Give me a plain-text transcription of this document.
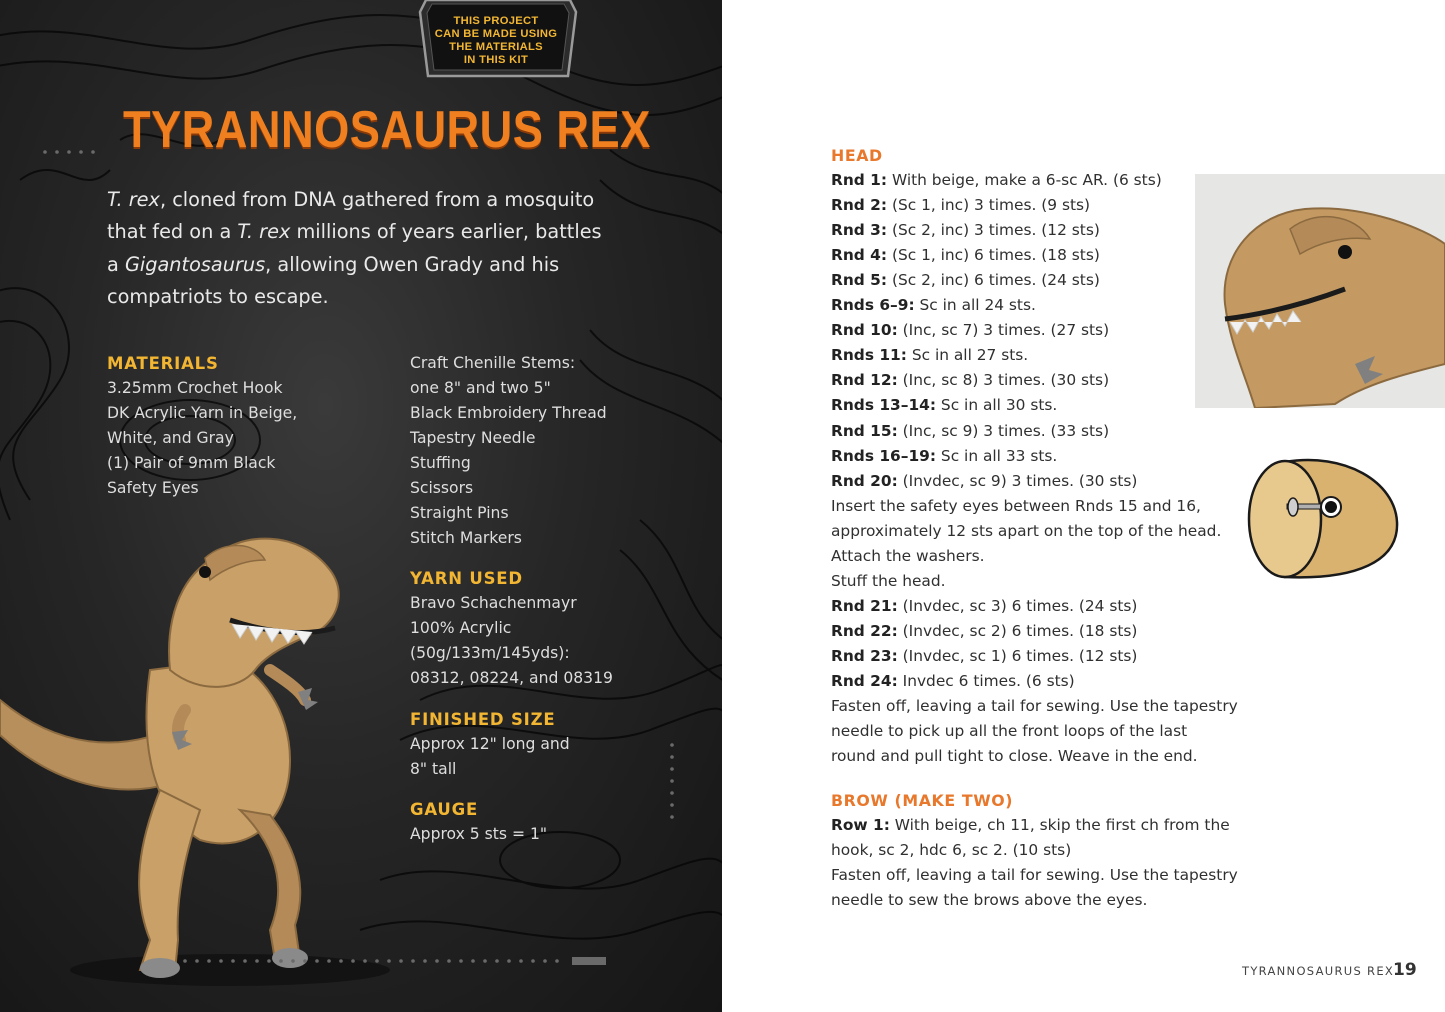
THIS PROJECT
CAN BE MADE USING
THE MATERIALS
IN THIS KIT
TYRANNOSAURUS REX

T. rex, cloned from DNA gathered from a mosquito that fed on a T. rex millions of years earlier, battles a Gigantosaurus, allowing Owen Grady and his compatriots to escape.

MATERIALS
3.25mm Crochet Hook
DK Acrylic Yarn in Beige,
White, and Gray
(1) Pair of 9mm Black
Safety Eyes
Craft Chenille Stems:
one 8" and two 5"
Black Embroidery Thread
Tapestry Needle
Stuffing
Scissors
Straight Pins
Stitch Markers
YARN USED
Bravo Schachenmayr
100% Acrylic
(50g/133m/145yds):
08312, 08224, and 08319
FINISHED SIZE
Approx 12" long and
8" tall
GAUGE
Approx 5 sts = 1"
HEAD
Rnd 1: With beige, make a 6-sc AR. (6 sts)
Rnd 2: (Sc 1, inc) 3 times. (9 sts)
Rnd 3: (Sc 2, inc) 3 times. (12 sts)
Rnd 4: (Sc 1, inc) 6 times. (18 sts)
Rnd 5: (Sc 2, inc) 6 times. (24 sts)
Rnds 6–9: Sc in all 24 sts.
Rnd 10: (Inc, sc 7) 3 times. (27 sts)
Rnds 11: Sc in all 27 sts.
Rnd 12: (Inc, sc 8) 3 times. (30 sts)
Rnds 13–14: Sc in all 30 sts.
Rnd 15: (Inc, sc 9) 3 times. (33 sts)
Rnds 16–19: Sc in all 33 sts.
Rnd 20: (Invdec, sc 9) 3 times. (30 sts)
Insert the safety eyes between Rnds 15 and 16,
approximately 12 sts apart on the top of the head.
Attach the washers.
Stuff the head.
Rnd 21: (Invdec, sc 3) 6 times. (24 sts)
Rnd 22: (Invdec, sc 2) 6 times. (18 sts)
Rnd 23: (Invdec, sc 1) 6 times. (12 sts)
Rnd 24: Invdec 6 times. (6 sts)
Fasten off, leaving a tail for sewing. Use the tapestry
needle to pick up all the front loops of the last
round and pull tight to close. Weave in the end.
BROW (MAKE TWO)
Row 1: With beige, ch 11, skip the first ch from the
hook, sc 2, hdc 6, sc 2. (10 sts)
Fasten off, leaving a tail for sewing. Use the tapestry
needle to sew the brows above the eyes.
TYRANNOSAURUS REX
19
